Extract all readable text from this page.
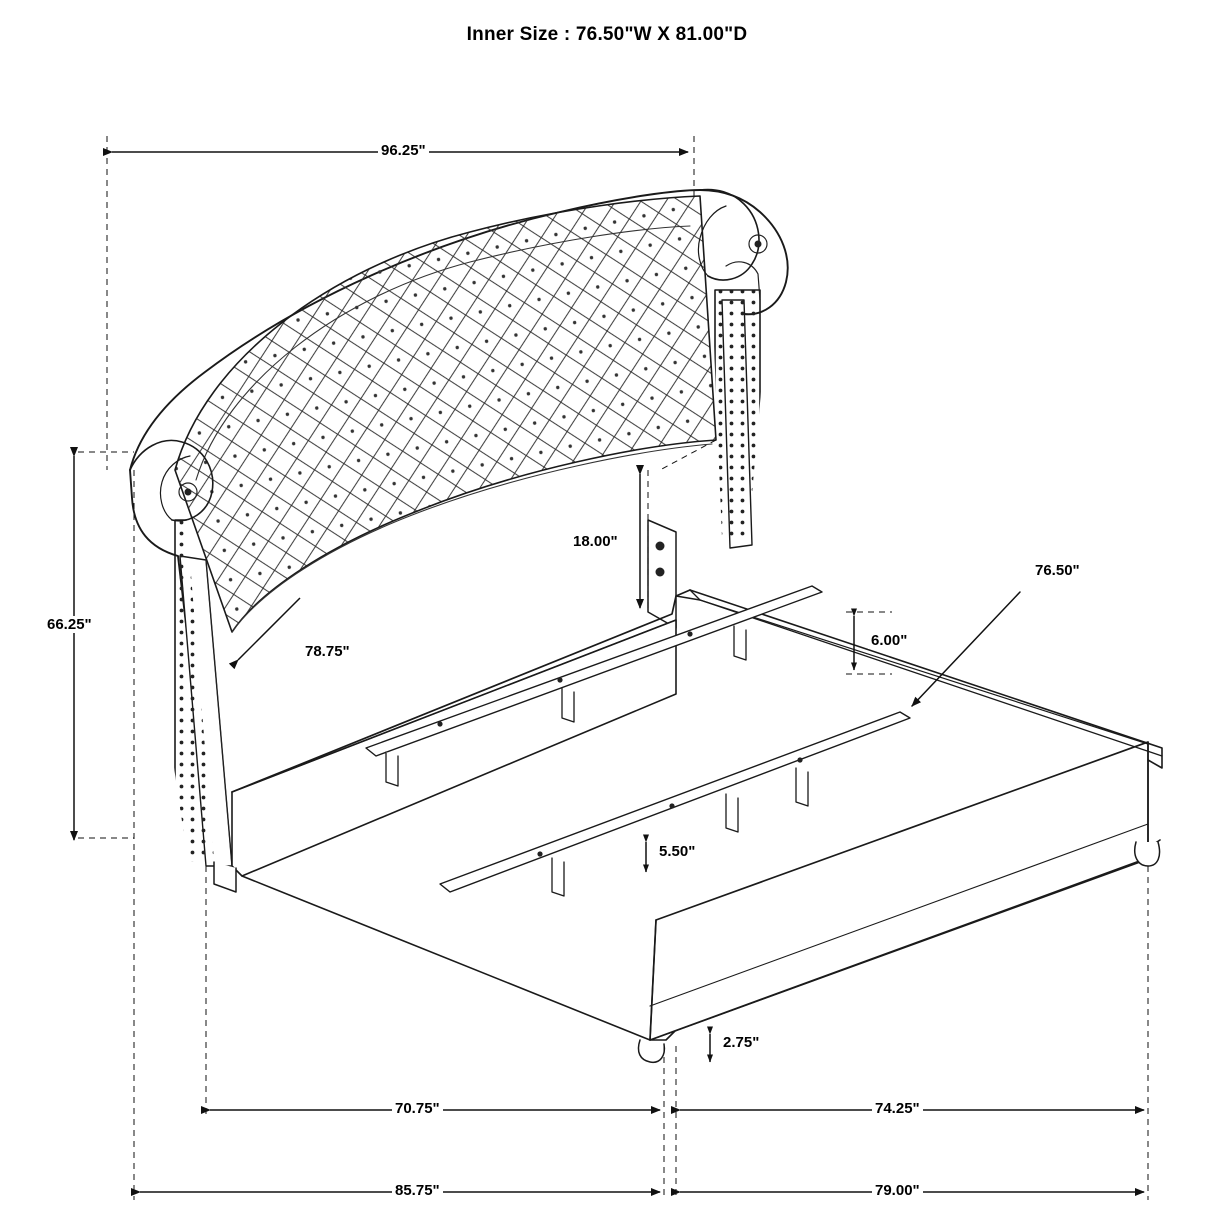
Inner Size : 76.50"W X 81.00"D
96.25"
66.25"
78.75"
18.00"
6.00"
5.50"
2.75"
76.50"
70.75"	74.25"
85.75"	79.00"
